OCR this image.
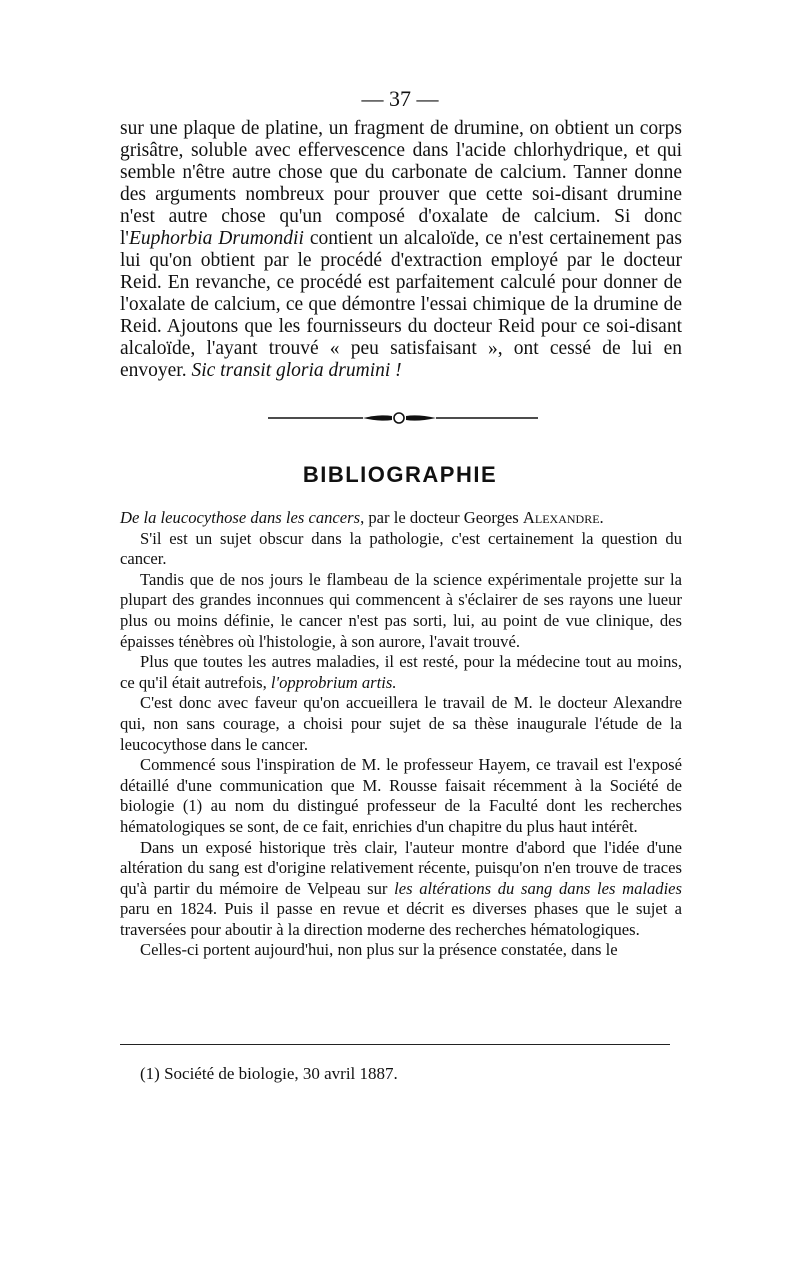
— 37 —

sur une plaque de platine, un fragment de drumine, on obtient un corps grisâtre, soluble avec effervescence dans l'acide chlorhydrique, et qui semble n'être autre chose que du carbonate de calcium. Tanner donne des arguments nombreux pour prouver que cette soi-disant drumine n'est autre chose qu'un composé d'oxalate de calcium. Si donc l'Euphorbia Drumondii contient un alcaloïde, ce n'est certainement pas lui qu'on obtient par le procédé d'extraction employé par le docteur Reid. En revanche, ce procédé est parfaitement calculé pour donner de l'oxalate de calcium, ce que démontre l'essai chimique de la drumine de Reid. Ajoutons que les fournisseurs du docteur Reid pour ce soi-disant alcaloïde, l'ayant trouvé « peu satisfaisant », ont cessé de lui en envoyer. Sic transit gloria drumini !

BIBLIOGRAPHIE

De la leucocythose dans les cancers, par le docteur Georges Alexandre.

S'il est un sujet obscur dans la pathologie, c'est certainement la question du cancer.

Tandis que de nos jours le flambeau de la science expérimentale projette sur la plupart des grandes inconnues qui commencent à s'éclairer de ses rayons une lueur plus ou moins définie, le cancer n'est pas sorti, lui, au point de vue clinique, des épaisses ténèbres où l'histologie, à son aurore, l'avait trouvé.

Plus que toutes les autres maladies, il est resté, pour la médecine tout au moins, ce qu'il était autrefois, l'opprobrium artis.

C'est donc avec faveur qu'on accueillera le travail de M. le docteur Alexandre qui, non sans courage, a choisi pour sujet de sa thèse inaugurale l'étude de la leucocythose dans le cancer.

Commencé sous l'inspiration de M. le professeur Hayem, ce travail est l'exposé détaillé d'une communication que M. Rousse faisait récemment à la Société de biologie (1) au nom du distingué professeur de la Faculté dont les recherches hématologiques se sont, de ce fait, enrichies d'un chapitre du plus haut intérêt.

Dans un exposé historique très clair, l'auteur montre d'abord que l'idée d'une altération du sang est d'origine relativement récente, puisqu'on n'en trouve de traces qu'à partir du mémoire de Velpeau sur les altérations du sang dans les maladies paru en 1824. Puis il passe en revue et décrit es diverses phases que le sujet a traversées pour aboutir à la direction moderne des recherches hématologiques.

Celles-ci portent aujourd'hui, non plus sur la présence constatée, dans le

(1) Société de biologie, 30 avril 1887.
